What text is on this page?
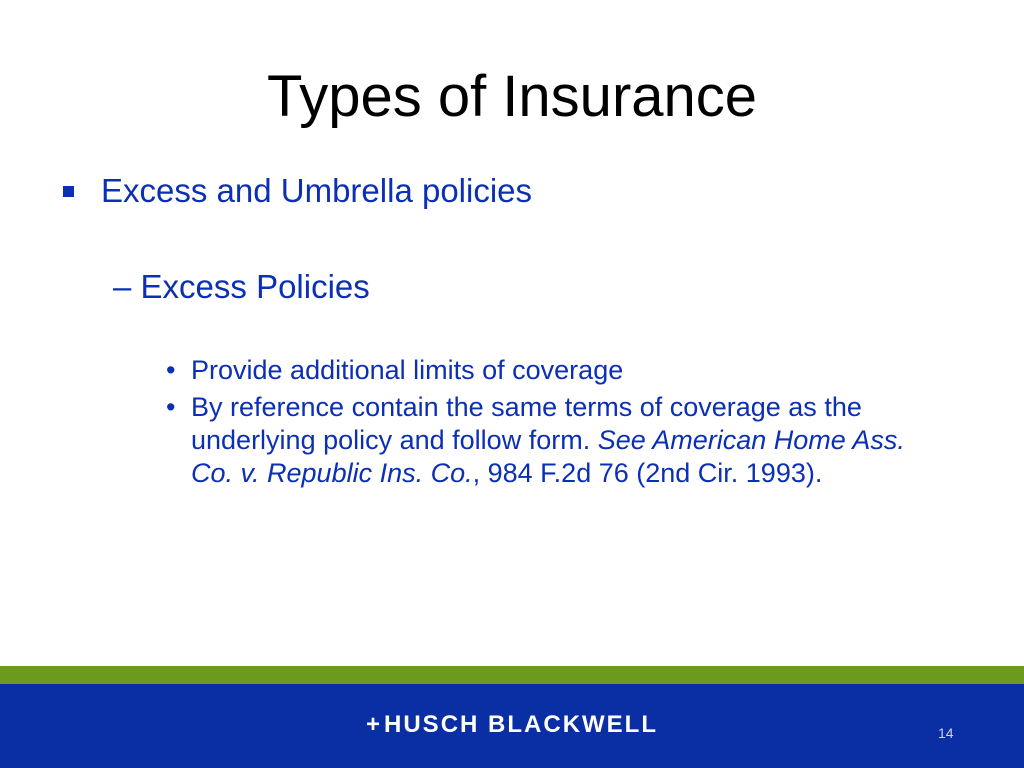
Types of Insurance
Excess and Umbrella policies
– Excess Policies
• Provide additional limits of coverage
• By reference contain the same terms of coverage as the underlying policy and follow form. See American Home Ass. Co. v. Republic Ins. Co., 984 F.2d 76 (2nd Cir. 1993).
+HUSCH BLACKWELL	14
